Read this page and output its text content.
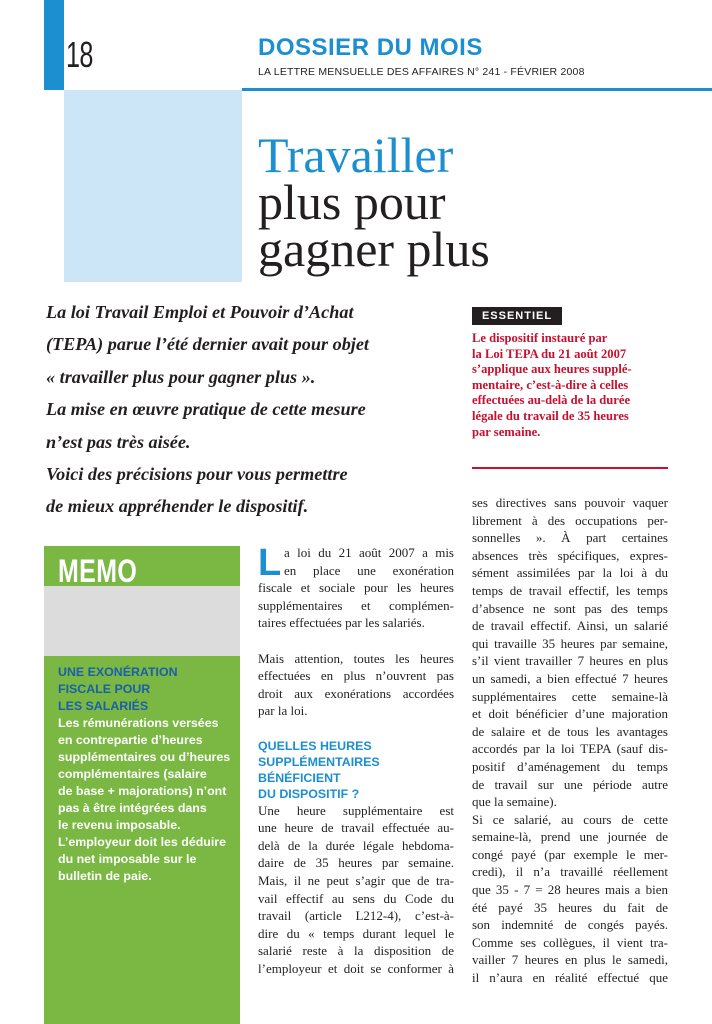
18	DOSSIER DU MOIS
LA LETTRE MENSUELLE DES AFFAIRES N° 241 - FÉVRIER 2008
Travailler
plus pour
gagner plus

La loi Travail Emploi et Pouvoir d’Achat

(TEPA) parue l’été dernier avait pour objet

« travailler plus pour gagner plus ».

La mise en œuvre pratique de cette mesure

n’est pas très aisée.

Voici des précisions pour vous permettre

de mieux appréhender le dispositif.

ESSENTIEL
Le dispositif instauré par
la Loi TEPA du 21 août 2007
s’applique aux heures supplé-
mentaire, c’est-à-dire à celles
effectuées au-delà de la durée
légale du travail de 35 heures
par semaine.
MEMO
UNE EXONÉRATION
FISCALE POUR
LES SALARIÉS
Les rémunérations versées
en contrepartie d’heures
supplémentaires ou d’heures
complémentaires (salaire
de base + majorations) n’ont
pas à être intégrées dans
le revenu imposable.
L’employeur doit les déduire
du net imposable sur le
bulletin de paie.
L a loi du 21 août 2007 a mis
en place une exonération
fiscale et sociale pour les heures
supplémentaires et complémen-
taires effectuées par les salariés.
Mais attention, toutes les heures
effectuées en plus n’ouvrent pas
droit aux exonérations accordées
par la loi.
QUELLES HEURES
SUPPLÉMENTAIRES
BÉNÉFICIENT
DU DISPOSITIF ?
Une heure supplémentaire est
une heure de travail effectuée au-
delà de la durée légale hebdoma-
daire de 35 heures par semaine.
Mais, il ne peut s’agir que de tra-
vail effectif au sens du Code du
travail (article L212-4), c’est-à-
dire du « temps durant lequel le
salarié reste à la disposition de
l’employeur et doit se conformer à
ses directives sans pouvoir vaquer
librement à des occupations per-
sonnelles ». À part certaines
absences très spécifiques, expres-
sément assimilées par la loi à du
temps de travail effectif, les temps
d’absence ne sont pas des temps
de travail effectif. Ainsi, un salarié
qui travaille 35 heures par semaine,
s’il vient travailler 7 heures en plus
un samedi, a bien effectué 7 heures
supplémentaires cette semaine-là
et doit bénéficier d’une majoration
de salaire et de tous les avantages
accordés par la loi TEPA (sauf dis-
positif d’aménagement du temps
de travail sur une période autre
que la semaine).
Si ce salarié, au cours de cette
semaine-là, prend une journée de
congé payé (par exemple le mer-
credi), il n’a travaillé réellement
que 35 - 7 = 28 heures mais a bien
été payé 35 heures du fait de
son indemnité de congés payés.
Comme ses collègues, il vient tra-
vailler 7 heures en plus le samedi,
il n’aura en réalité effectué que
